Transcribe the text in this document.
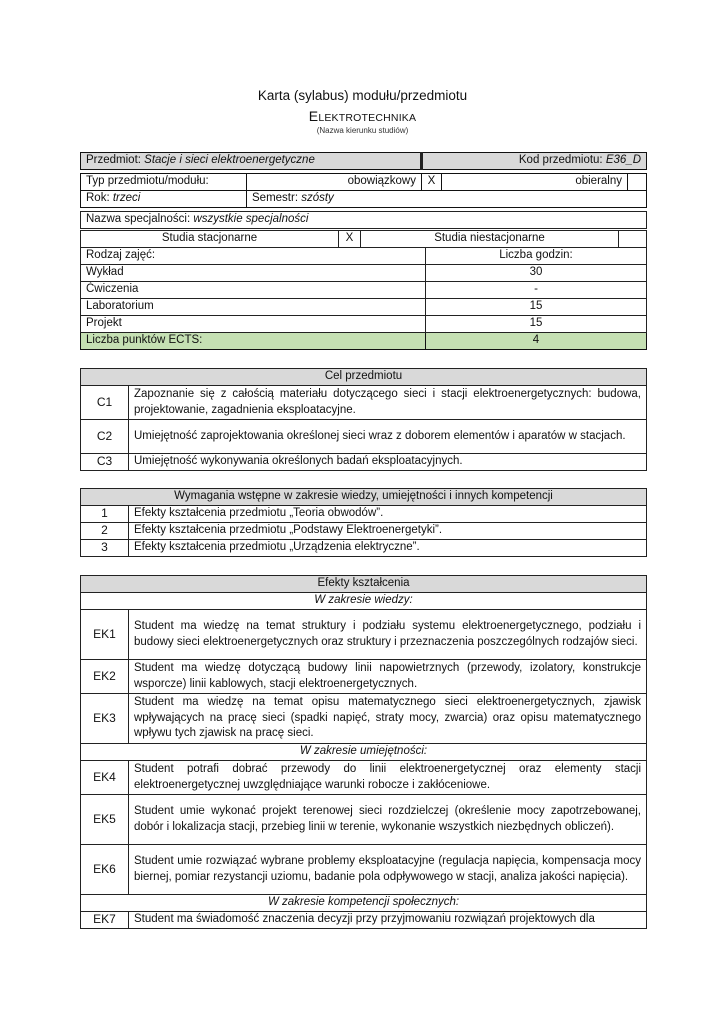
Karta (sylabus) modułu/przedmiotu
ELEKTROTECHNIKA
(Nazwa kierunku studiów)
Przedmiot: Stacje i sieci elektroenergetyczne		Kod przedmiotu: E36_D		

Typ przedmiotu/modułu:	obowiązkowy	X	obieralny	
Rok: trzeci	Semestr: szósty			

Nazwa specjalności: wszystkie specjalności				
Studia stacjonarne	X	Studia niestacjonarne	
Rodzaj zajęć:	Liczba godzin:
Wykład	30
Ćwiczenia	-
Laboratorium	15
Projekt	15
Liczba punktów ECTS:	4
Cel przedmiotu	
C1	Zapoznanie się z całością materiału dotyczącego sieci i stacji elektroenergetycznych: budowa, projektowanie, zagadnienia eksploatacyjne.
C2	Umiejętność zaprojektowania określonej sieci wraz z doborem elementów i aparatów w stacjach.
C3	Umiejętność wykonywania określonych badań eksploatacyjnych.
Wymagania wstępne w zakresie wiedzy, umiejętności i innych kompetencji	
1	Efekty kształcenia przedmiotu „Teoria obwodów”.
2	Efekty kształcenia przedmiotu „Podstawy Elektroenergetyki”.
3	Efekty kształcenia przedmiotu „Urządzenia elektryczne”.
Efekty kształcenia	
W zakresie wiedzy:	
EK1	Student ma wiedzę na temat struktury i podziału systemu elektroenergetycznego, podziału i budowy sieci elektroenergetycznych oraz struktury i przeznaczenia poszczególnych rodzajów sieci.
EK2	Student ma wiedzę dotyczącą budowy linii napowietrznych (przewody, izolatory, konstrukcje wsporcze) linii kablowych, stacji elektroenergetycznych.
EK3	Student ma wiedzę na temat opisu matematycznego sieci elektroenergetycznych, zjawisk wpływających na pracę sieci (spadki napięć, straty mocy, zwarcia) oraz opisu matematycznego wpływu tych zjawisk na pracę sieci.
W zakresie umiejętności:	
EK4	Student potrafi dobrać przewody do linii elektroenergetycznej oraz elementy stacji elektroenergetycznej uwzględniające warunki robocze i zakłóceniowe.
EK5	Student umie wykonać projekt terenowej sieci rozdzielczej (określenie mocy zapotrzebowanej, dobór i lokalizacja stacji, przebieg linii w terenie, wykonanie wszystkich niezbędnych obliczeń).
EK6	Student umie rozwiązać wybrane problemy eksploatacyjne (regulacja napięcia, kompensacja mocy biernej, pomiar rezystancji uziomu, badanie pola odpływowego w stacji, analiza jakości napięcia).
W zakresie kompetencji społecznych:	
EK7	Student ma świadomość znaczenia decyzji przy przyjmowaniu rozwiązań projektowych dla
